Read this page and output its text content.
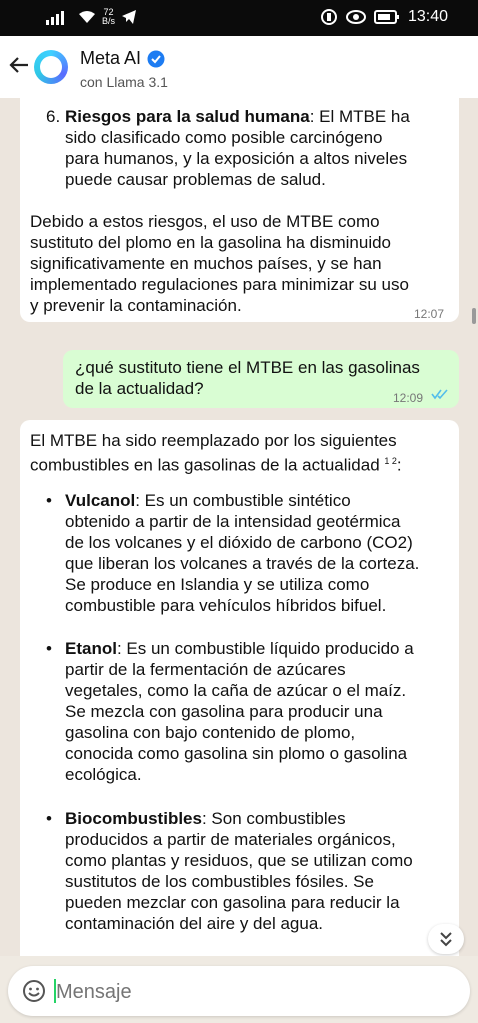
72
B/s	13:40
Meta AI
con Llama 3.1
6. Riesgos para la salud humana: El MTBE ha
sido clasificado como posible carcinógeno
para humanos, y la exposición a altos niveles
puede causar problemas de salud.
Debido a estos riesgos, el uso de MTBE como
sustituto del plomo en la gasolina ha disminuido
significativamente en muchos países, y se han
implementado regulaciones para minimizar su uso
y prevenir la contaminación.	12:07
¿qué sustituto tiene el MTBE en las gasolinas
de la actualidad?	12:09
El MTBE ha sido reemplazado por los siguientes
combustibles en las gasolinas de la actualidad $^{1 2}$:
• Vulcanol: Es un combustible sintético
obtenido a partir de la intensidad geotérmica
de los volcanes y el dióxido de carbono (CO2)
que liberan los volcanes a través de la corteza.
Se produce en Islandia y se utiliza como
combustible para vehículos híbridos bifuel.
• Etanol: Es un combustible líquido producido a
partir de la fermentación de azúcares
vegetales, como la caña de azúcar o el maíz.
Se mezcla con gasolina para producir una
gasolina con bajo contenido de plomo,
conocida como gasolina sin plomo o gasolina
ecológica.
• Biocombustibles: Son combustibles
producidos a partir de materiales orgánicos,
como plantas y residuos, que se utilizan como
sustitutos de los combustibles fósiles. Se
pueden mezclar con gasolina para reducir la
contaminación del aire y del agua.
Mensaje
